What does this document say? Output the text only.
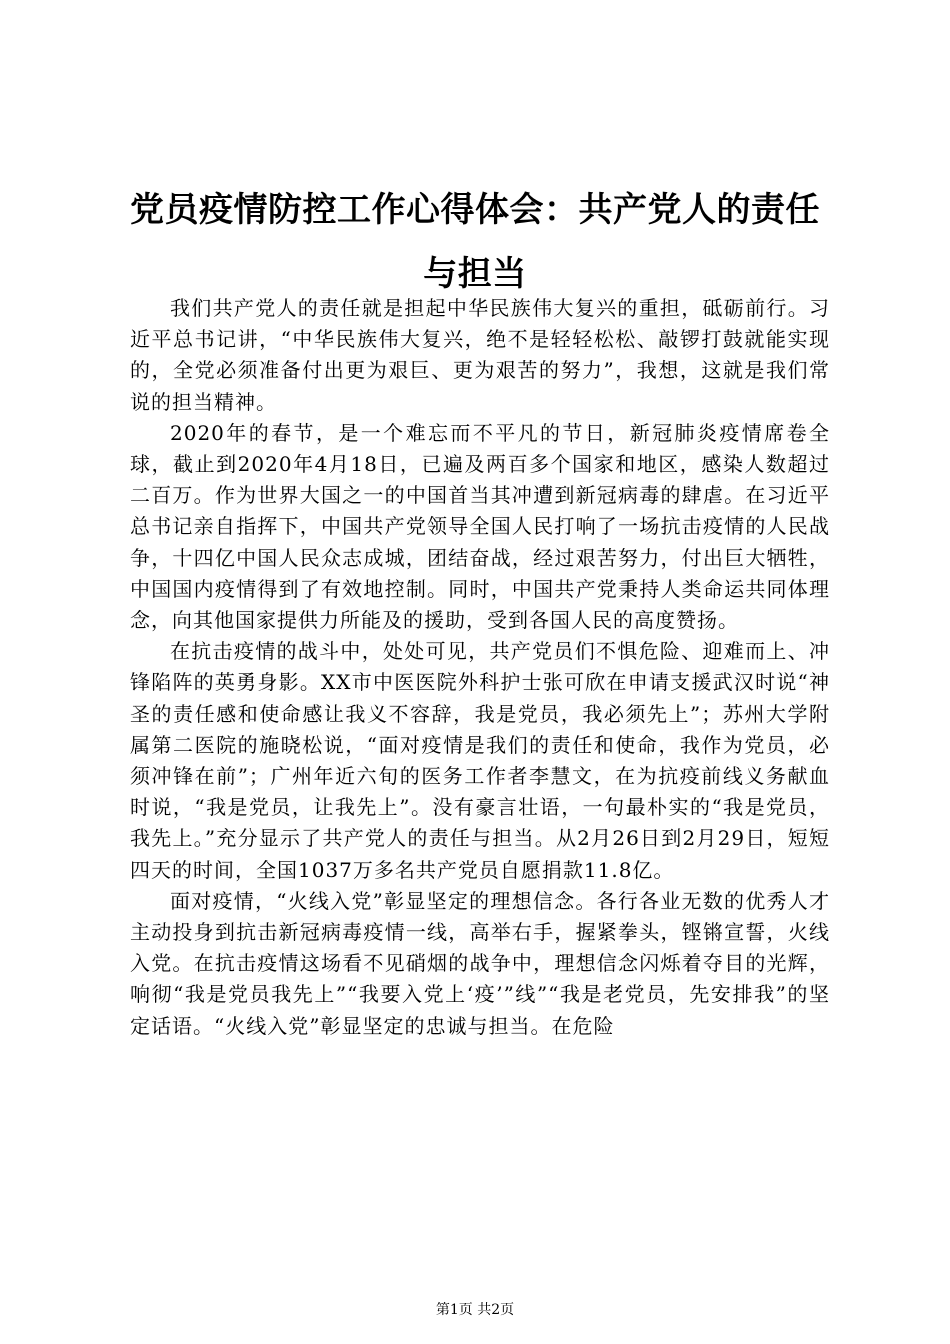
党员疫情防控工作心得体会：共产党人的责任与担当

我们共产党人的责任就是担起中华民族伟大复兴的重担，砥砺前行。习近平总书记讲，“中华民族伟大复兴，绝不是轻轻松松、敲锣打鼓就能实现的，全党必须准备付出更为艰巨、更为艰苦的努力”，我想，这就是我们常说的担当精神。

2020年的春节，是一个难忘而不平凡的节日，新冠肺炎疫情席卷全球，截止到2020年4月18日，已遍及两百多个国家和地区，感染人数超过二百万。作为世界大国之一的中国首当其冲遭到新冠病毒的肆虐。在习近平总书记亲自指挥下，中国共产党领导全国人民打响了一场抗击疫情的人民战争，十四亿中国人民众志成城，团结奋战，经过艰苦努力，付出巨大牺牲，中国国内疫情得到了有效地控制。同时，中国共产党秉持人类命运共同体理念，向其他国家提供力所能及的援助，受到各国人民的高度赞扬。

在抗击疫情的战斗中，处处可见，共产党员们不惧危险、迎难而上、冲锋陷阵的英勇身影。XX市中医医院外科护士张可欣在申请支援武汉时说“神圣的责任感和使命感让我义不容辞，我是党员，我必须先上”；苏州大学附属第二医院的施晓松说，“面对疫情是我们的责任和使命，我作为党员，必须冲锋在前”；广州年近六旬的医务工作者李慧文，在为抗疫前线义务献血时说，“我是党员，让我先上”。没有豪言壮语，一句最朴实的“我是党员，我先上。”充分显示了共产党人的责任与担当。从2月26日到2月29日，短短四天的时间，全国1037万多名共产党员自愿捐款11.8亿。

面对疫情，“火线入党”彰显坚定的理想信念。各行各业无数的优秀人才主动投身到抗击新冠病毒疫情一线，高举右手，握紧拳头，铿锵宣誓，火线入党。在抗击疫情这场看不见硝烟的战争中，理想信念闪烁着夺目的光辉，响彻“我是党员我先上”“我要入党上‘疫’”线”“我是老党员，先安排我”的坚定话语。“火线入党”彰显坚定的忠诚与担当。在危险

第1页 共2页
